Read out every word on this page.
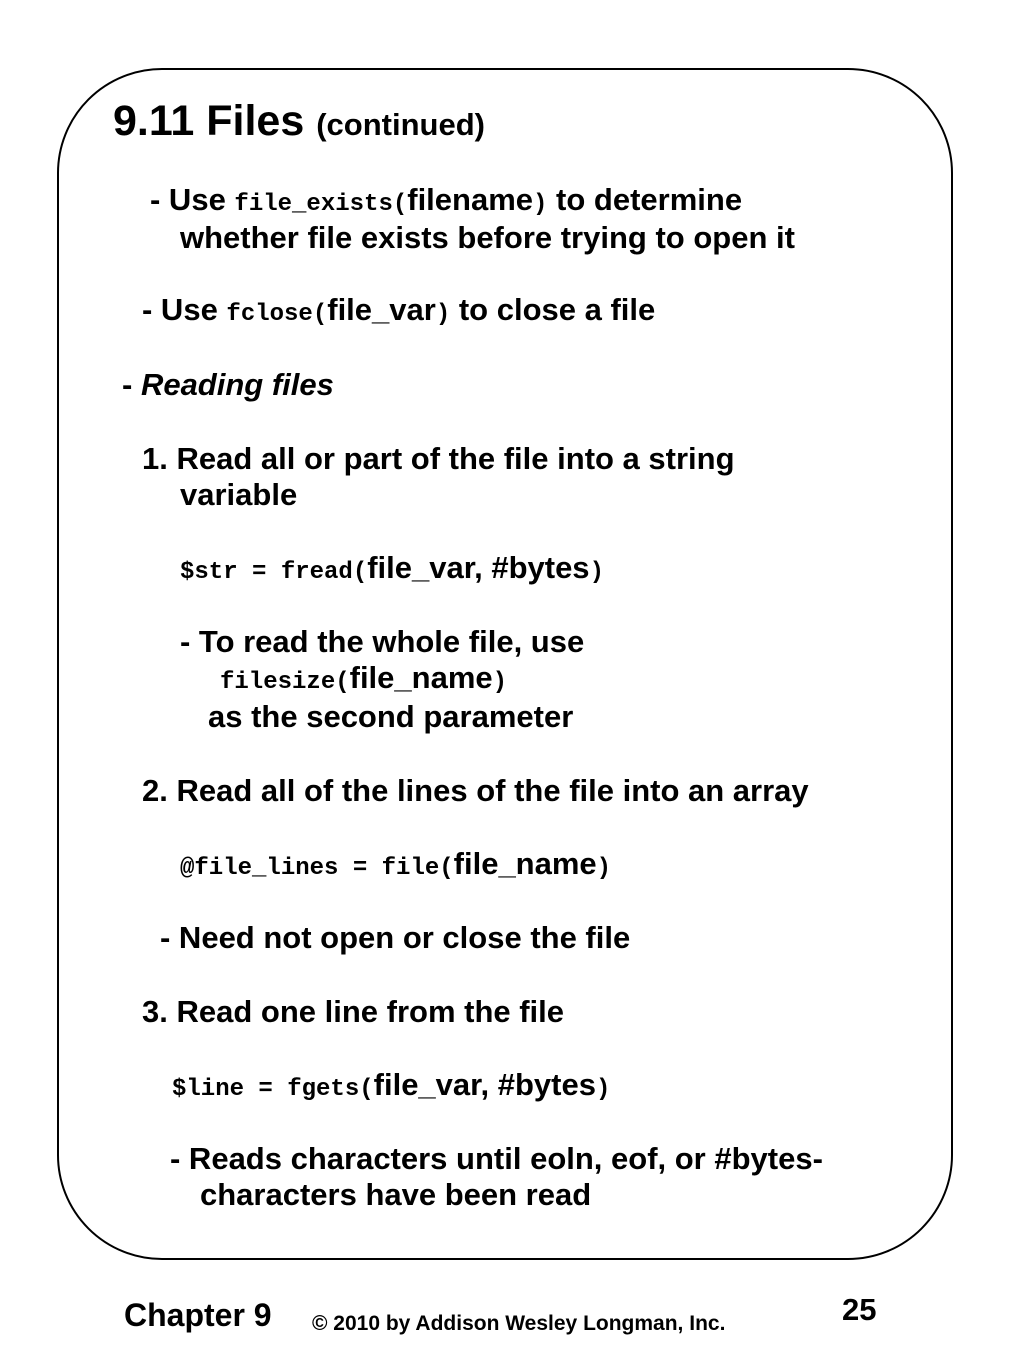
9.11 Files (continued)
- Use file_exists(filename) to determine
whether file exists before trying to open it
- Use fclose(file_var) to close a file
- Reading files
1. Read all or part of the file into a string
variable
$str = fread(file_var, #bytes)
- To read the whole file, use
filesize(file_name)
as the second parameter
2. Read all of the lines of the file into an array
@file_lines = file(file_name)
- Need not open or close the file
3. Read one line from the file
$line = fgets(file_var, #bytes)
- Reads characters until eoln, eof, or #bytes-
characters have been read
Chapter 9 © 2010 by Addison Wesley Longman, Inc.	25
